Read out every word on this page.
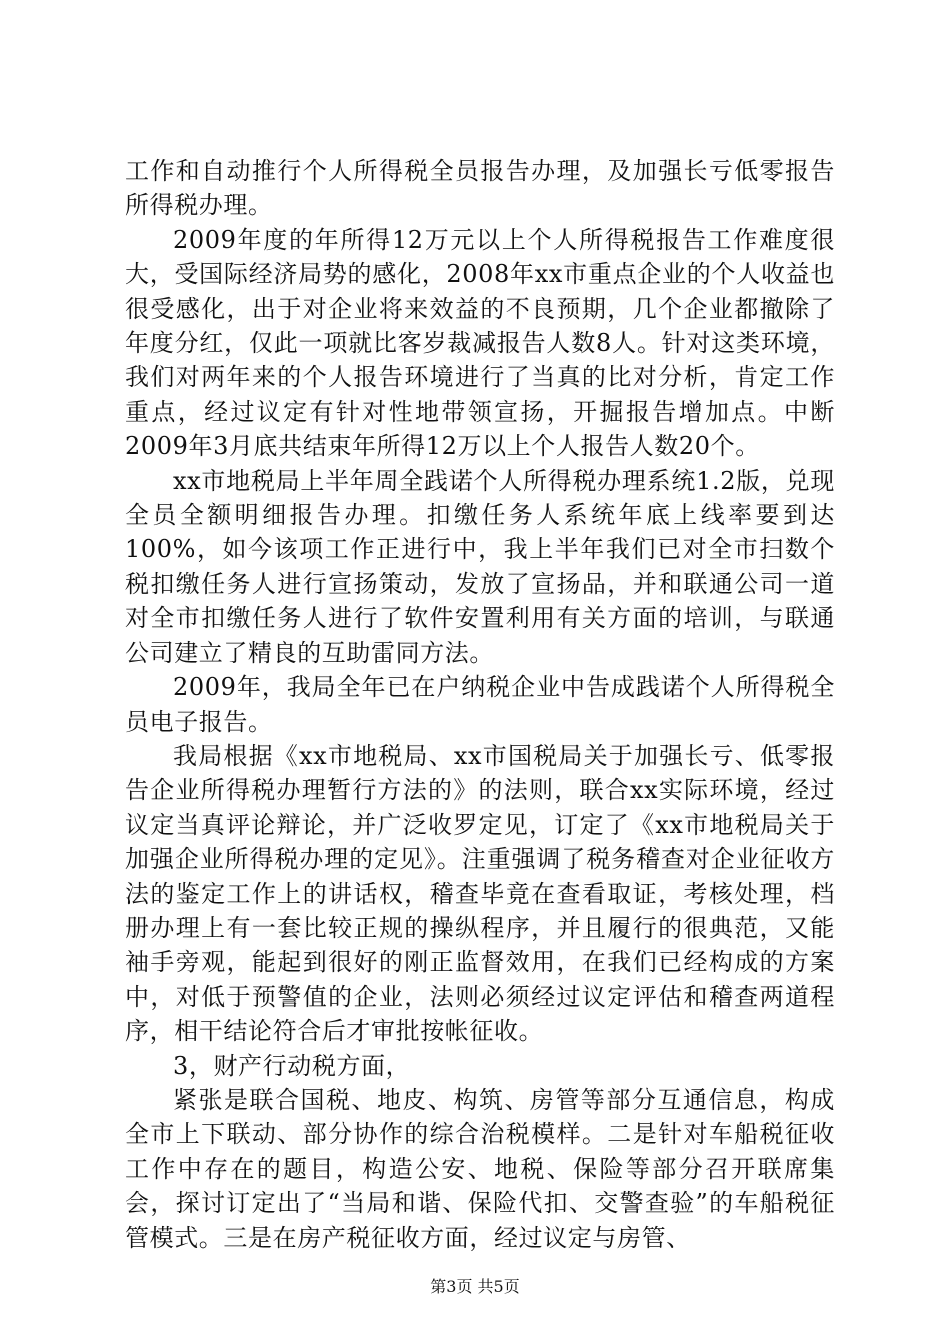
工作和自动推行个人所得税全员报告办理，及加强长亏低零报告所得税办理。

2009年度的年所得12万元以上个人所得税报告工作难度很大，受国际经济局势的感化，2008年xx市重点企业的个人收益也很受感化，出于对企业将来效益的不良预期，几个企业都撤除了年度分红，仅此一项就比客岁裁减报告人数8人。针对这类环境，我们对两年来的个人报告环境进行了当真的比对分析，肯定工作重点，经过议定有针对性地带领宣扬，开掘报告增加点。中断2009年3月底共结束年所得12万以上个人报告人数20个。

xx市地税局上半年周全践诺个人所得税办理系统1.2版，兑现全员全额明细报告办理。扣缴任务人系统年底上线率要到达100%，如今该项工作正进行中，我上半年我们已对全市扫数个税扣缴任务人进行宣扬策动，发放了宣扬品，并和联通公司一道对全市扣缴任务人进行了软件安置利用有关方面的培训，与联通公司建立了精良的互助雷同方法。

2009年，我局全年已在户纳税企业中告成践诺个人所得税全员电子报告。

我局根据《xx市地税局、xx市国税局关于加强长亏、低零报告企业所得税办理暂行方法的》的法则，联合xx实际环境，经过议定当真评论辩论，并广泛收罗定见，订定了《xx市地税局关于加强企业所得税办理的定见》。注重强调了税务稽查对企业征收方法的鉴定工作上的讲话权，稽查毕竟在查看取证，考核处理，档册办理上有一套比较正规的操纵程序，并且履行的很典范，又能袖手旁观，能起到很好的刚正监督效用，在我们已经构成的方案中，对低于预警值的企业，法则必须经过议定评估和稽查两道程序，相干结论符合后才审批按帐征收。

3，财产行动税方面，

紧张是联合国税、地皮、构筑、房管等部分互通信息，构成全市上下联动、部分协作的综合治税模样。二是针对车船税征收工作中存在的题目，构造公安、地税、保险等部分召开联席集会，探讨订定出了“当局和谐、保险代扣、交警查验”的车船税征管模式。三是在房产税征收方面，经过议定与房管、

第3页 共5页
